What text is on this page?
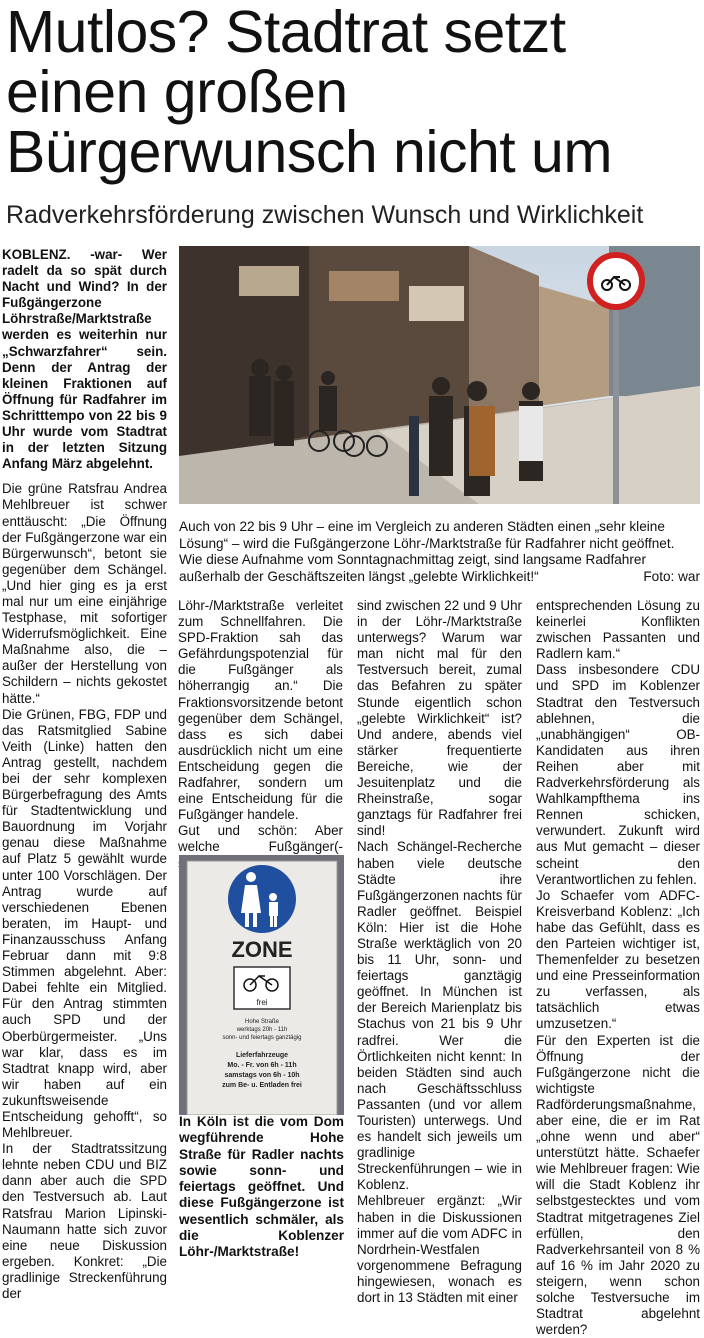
Mutlos? Stadtrat setzt einen großen Bürgerwunsch nicht um
Radverkehrsförderung zwischen Wunsch und Wirklichkeit

KOBLENZ. -war- Wer radelt da so spät durch Nacht und Wind? In der Fußgängerzone Löhrstraße/Marktstraße werden es weiterhin nur „Schwarzfahrer“ sein. Denn der Antrag der kleinen Fraktionen auf Öffnung für Radfahrer im Schritttempo von 22 bis 9 Uhr wurde vom Stadtrat in der letzten Sitzung Anfang März abgelehnt.

Die grüne Ratsfrau Andrea Mehlbreuer ist schwer enttäuscht: „Die Öffnung der Fußgängerzone war ein Bürgerwunsch“, betont sie gegenüber dem Schängel. „Und hier ging es ja erst mal nur um eine einjährige Testphase, mit sofortiger Widerrufsmöglichkeit. Eine Maßnahme also, die – außer der Herstellung von Schildern – nichts gekostet hätte.“

Die Grünen, FBG, FDP und das Ratsmitglied Sabine Veith (Linke) hatten den Antrag gestellt, nachdem bei der sehr komplexen Bürgerbefragung des Amts für Stadtentwicklung und Bauordnung im Vorjahr genau diese Maßnahme auf Platz 5 gewählt wurde unter 100 Vorschlägen. Der Antrag wurde auf verschiedenen Ebenen beraten, im Haupt- und Finanzausschuss Anfang Februar dann mit 9:8 Stimmen abgelehnt. Aber: Dabei fehlte ein Mitglied. Für den Antrag stimmten auch SPD und der Oberbürgermeister. „Uns war klar, dass es im Stadtrat knapp wird, aber wir haben auf ein zukunftsweisende Entscheidung gehofft“, so Mehlbreuer.

In der Stadtratssitzung lehnte neben CDU und BIZ dann aber auch die SPD den Testversuch ab. Laut Ratsfrau Marion Lipinski-Naumann hatte sich zuvor eine neue Diskussion ergeben. Konkret: „Die gradlinige Streckenführung der

Auch von 22 bis 9 Uhr – eine im Vergleich zu anderen Städten einen „sehr kleine Lösung“ – wird die Fußgängerzone Löhr-/Marktstraße für Radfahrer nicht geöffnet. Wie diese Aufnahme vom Sonntagnachmittag zeigt, sind langsame Radfahrer außerhalb der Geschäftszeiten längst „gelebte Wirklichkeit!“	Foto: war

Löhr-/Marktstraße verleitet zum Schnellfahren. Die SPD-Fraktion sah das Gefährdungspotenzial für die Fußgänger als höherrangig an.“ Die Fraktionsvorsitzende betont gegenüber dem Schängel, dass es sich dabei ausdrücklich nicht um eine Entscheidung gegen die Radfahrer, sondern um eine Entscheidung für die Fußgänger handele.

Gut und schön: Aber welche Fußgänger(-

ZONE
frei
Hohe Straße
werktags 20h - 11h
sonn- und feiertags ganztägig
Lieferfahrzeuge
Mo. - Fr. von 6h - 11h
samstags von 6h - 10h
zum Be- u. Entladen frei
In Köln ist die vom Dom wegführende Hohe Straße für Radler nachts sowie sonn- und feiertags geöffnet. Und diese Fußgängerzone ist wesentlich schmäler, als die Koblenzer Löhr-/Marktstraße!

sind zwischen 22 und 9 Uhr in der Löhr-/Marktstraße unterwegs? Warum war man nicht mal für den Testversuch bereit, zumal das Befahren zu später Stunde eigentlich schon „gelebte Wirklichkeit“ ist? Und andere, abends viel stärker frequentierte Bereiche, wie der Jesuitenplatz und die Rheinstraße, sogar ganztags für Radfahrer frei sind!

Nach Schängel-Recherche haben viele deutsche Städte ihre Fußgängerzonen nachts für Radler geöffnet. Beispiel Köln: Hier ist die Hohe Straße werktäglich von 20 bis 11 Uhr, sonn- und feiertags ganztägig geöffnet. In München ist der Bereich Marienplatz bis Stachus von 21 bis 9 Uhr radfrei. Wer die Örtlichkeiten nicht kennt: In beiden Städten sind auch nach Geschäftsschluss Passanten (und vor allem Touristen) unterwegs. Und es handelt sich jeweils um gradlinige Streckenführungen – wie in Koblenz.

Mehlbreuer ergänzt: „Wir haben in die Diskussionen immer auf die vom ADFC in Nordrhein-Westfalen vorgenommene Befragung hingewiesen, wonach es dort in 13 Städten mit einer

entsprechenden Lösung zu keinerlei Konflikten zwischen Passanten und Radlern kam.“

Dass insbesondere CDU und SPD im Koblenzer Stadtrat den Testversuch ablehnen, die „unabhängigen“ OB-Kandidaten aus ihren Reihen aber mit Radverkehrsförderung als Wahlkampfthema ins Rennen schicken, verwundert. Zukunft wird aus Mut gemacht – dieser scheint den Verantwortlichen zu fehlen.

Jo Schaefer vom ADFC-Kreisverband Koblenz: „Ich habe das Gefühlt, dass es den Parteien wichtiger ist, Themenfelder zu besetzen und eine Presseinformation zu verfassen, als tatsächlich etwas umzusetzen.“

Für den Experten ist die Öffnung der Fußgängerzone nicht die wichtigste Radförderungsmaßnahme, aber eine, die er im Rat „ohne wenn und aber“ unterstützt hätte. Schaefer wie Mehlbreuer fragen: Wie will die Stadt Koblenz ihr selbstgestecktes und vom Stadtrat mitgetragenes Ziel erfüllen, den Radverkehrsanteil von 8 % auf 16 % im Jahr 2020 zu steigern, wenn schon solche Testversuche im Stadtrat abgelehnt werden?
